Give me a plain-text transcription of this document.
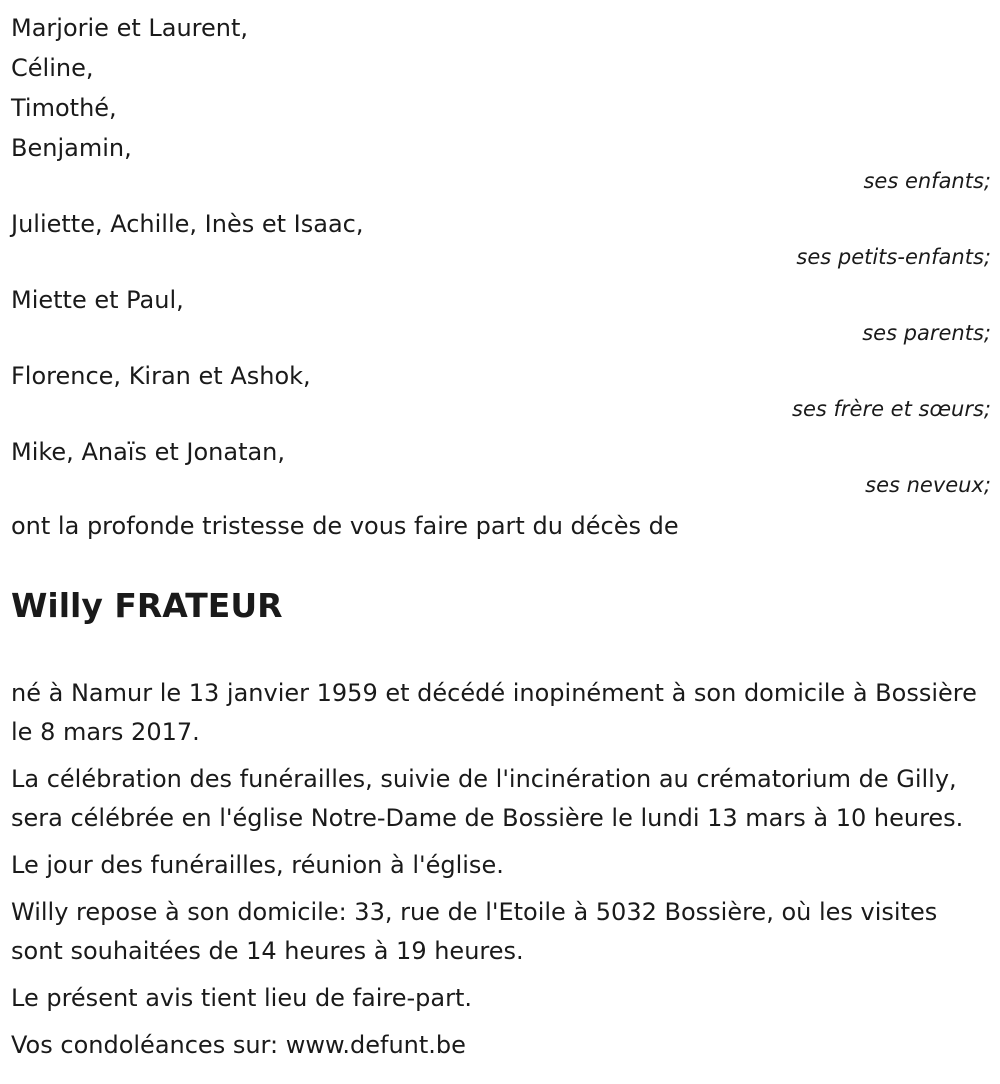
Marjorie et Laurent,
Céline,
Timothé,
Benjamin,
ses enfants;
Juliette, Achille, Inès et Isaac,
ses petits-enfants;
Miette et Paul,
ses parents;
Florence, Kiran et Ashok,
ses frère et sœurs;
Mike, Anaïs et Jonatan,
ses neveux;
ont la profonde tristesse de vous faire part du décès de
Willy FRATEUR
né à Namur le 13 janvier 1959 et décédé inopinément à son domicile à Bossière le 8 mars 2017.
La célébration des funérailles, suivie de l'incinération au crématorium de Gilly, sera célébrée en l'église Notre-Dame de Bossière le lundi 13 mars à 10 heures.
Le jour des funérailles, réunion à l'église.
Willy repose à son domicile: 33, rue de l'Etoile à 5032 Bossière, où les visites sont souhaitées de 14 heures à 19 heures.
Le présent avis tient lieu de faire-part.
Vos condoléances sur: www.defunt.be
